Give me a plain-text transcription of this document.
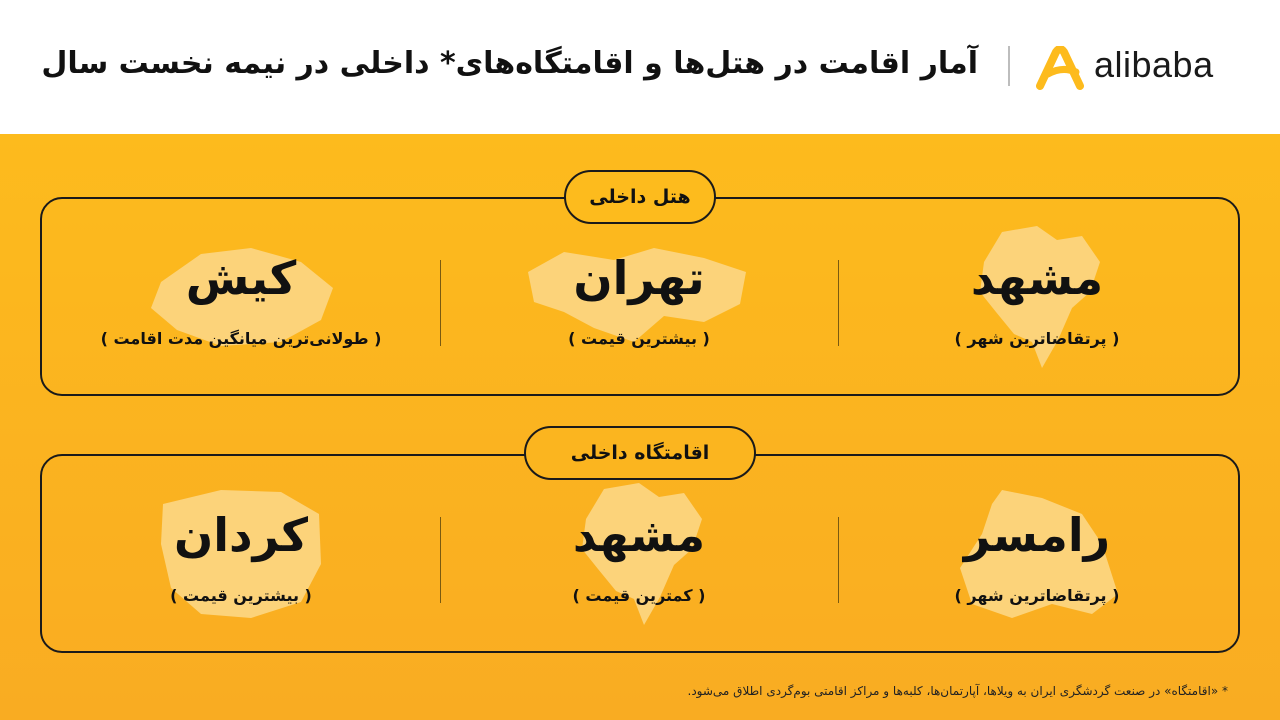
alibaba
آمار اقامت در هتل‌ها و اقامتگاه‌های* داخلی در نیمه نخست سال
مشهد
( پرتقاضاترین شهر )
تهران
( بیشترین قیمت )
کیش
( طولانی‌ترین میانگین مدت اقامت )
هتل داخلی
رامسر
( پرتقاضاترین شهر )
مشهد
( کمترین قیمت )
کردان
( بیشترین قیمت )
اقامتگاه داخلی
* «اقامتگاه» در صنعت گردشگری ایران به ویلاها، آپارتمان‌ها، کلبه‌ها و مراکز اقامتی بوم‌گردی اطلاق می‌شود.
